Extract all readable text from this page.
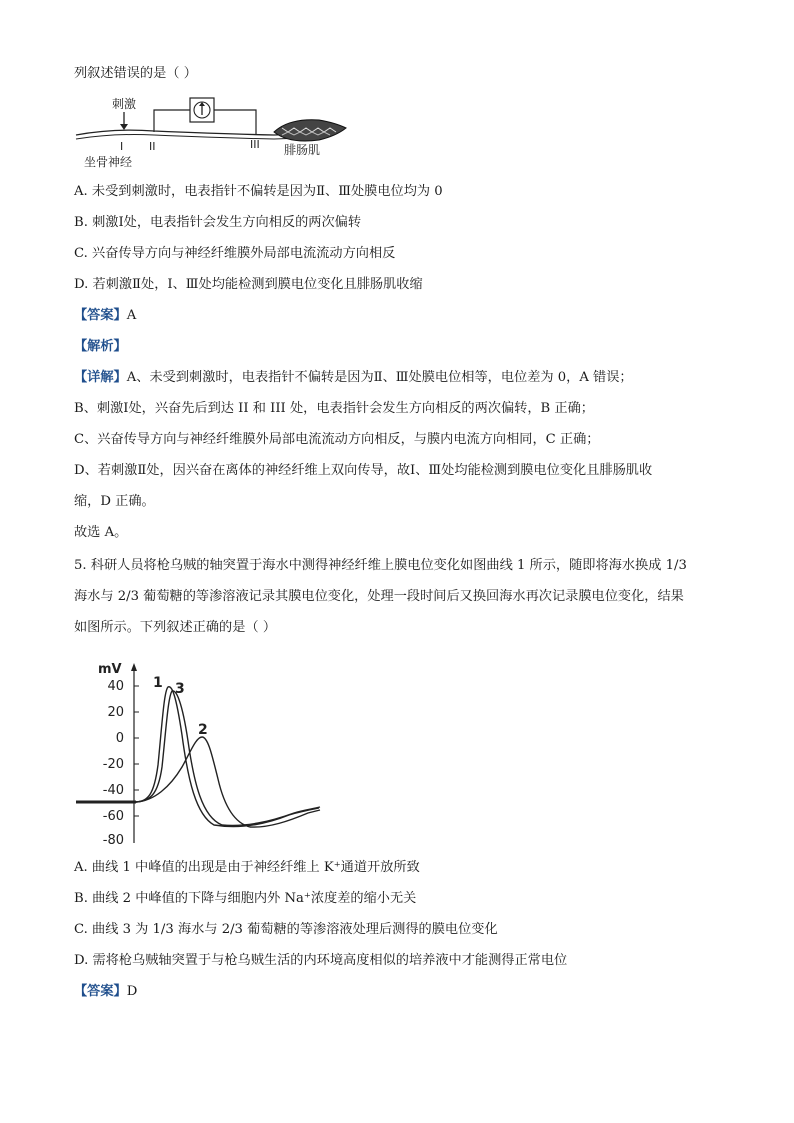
列叙述错误的是（ ）
刺激
I II	III 腓肠肌
坐骨神经
A. 未受到刺激时，电表指针不偏转是因为Ⅱ、Ⅲ处膜电位均为 0
B. 刺激Ⅰ处，电表指针会发生方向相反的两次偏转
C. 兴奋传导方向与神经纤维膜外局部电流流动方向相反
D. 若刺激Ⅱ处，Ⅰ、Ⅲ处均能检测到膜电位变化且腓肠肌收缩
【答案】A
【解析】
【详解】A、未受到刺激时，电表指针不偏转是因为Ⅱ、Ⅲ处膜电位相等，电位差为 0，A 错误；
B、刺激Ⅰ处，兴奋先后到达 II 和 III 处，电表指针会发生方向相反的两次偏转，B 正确；
C、兴奋传导方向与神经纤维膜外局部电流流动方向相反，与膜内电流方向相同，C 正确；
D、若刺激Ⅱ处，因兴奋在离体的神经纤维上双向传导，故Ⅰ、Ⅲ处均能检测到膜电位变化且腓肠肌收
缩，D 正确。
故选 A。
5. 科研人员将枪乌贼的轴突置于海水中测得神经纤维上膜电位变化如图曲线 1 所示，随即将海水换成 1/3
海水与 2/3 葡萄糖的等渗溶液记录其膜电位变化，处理一段时间后又换回海水再次记录膜电位变化，结果
如图所示。下列叙述正确的是（ ）
mV
40
20
0
-20
-40
-60
-80
1 3
2
A. 曲线 1 中峰值的出现是由于神经纤维上 K⁺通道开放所致
B. 曲线 2 中峰值的下降与细胞内外 Na⁺浓度差的缩小无关
C. 曲线 3 为 1/3 海水与 2/3 葡萄糖的等渗溶液处理后测得的膜电位变化
D. 需将枪乌贼轴突置于与枪乌贼生活的内环境高度相似的培养液中才能测得正常电位
【答案】D
